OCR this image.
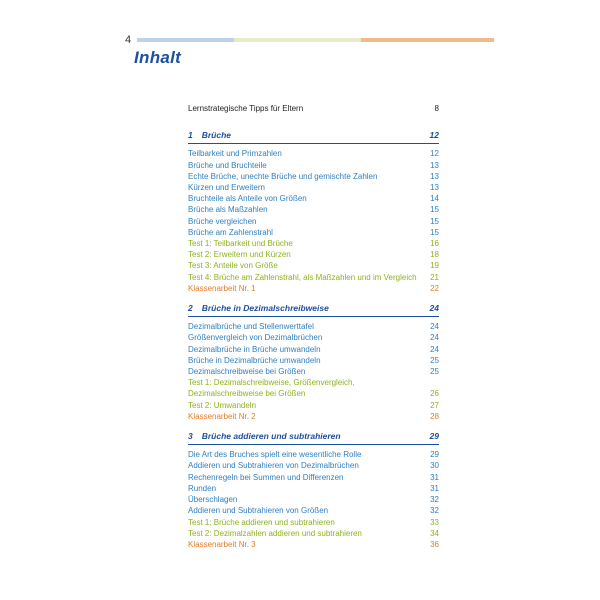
4
Inhalt
Lernstrategische Tipps für Eltern	8
1 Brüche	12
Teilbarkeit und Primzahlen	12
Brüche und Bruchteile	13
Echte Brüche, unechte Brüche und gemischte Zahlen	13
Kürzen und Erweitern	13
Bruchteile als Anteile von Größen	14
Brüche als Maßzahlen	15
Brüche vergleichen	15
Brüche am Zahlenstrahl	15
Test 1: Teilbarkeit und Brüche	16
Test 2: Erweitern und Kürzen	18
Test 3: Anteile von Größe	19
Test 4: Brüche am Zahlenstrahl, als Maßzahlen und im Vergleich	21
Klassenarbeit Nr. 1	22
2 Brüche in Dezimalschreibweise	24
Dezimalbrüche und Stellenwerttafel	24
Größenvergleich von Dezimalbrüchen	24
Dezimalbrüche in Brüche umwandeln	24
Brüche in Dezimalbrüche umwandeln	25
Dezimalschreibweise bei Größen	25
Test 1: Dezimalschreibweise, Größenvergleich,
Dezimalschreibweise bei Größen	26
Test 2: Umwandeln	27
Klassenarbeit Nr. 2	28
3 Brüche addieren und subtrahieren	29
Die Art des Bruches spielt eine wesentliche Rolle	29
Addieren und Subtrahieren von Dezimalbrüchen	30
Rechenregeln bei Summen und Differenzen	31
Runden	31
Überschlagen	32
Addieren und Subtrahieren von Größen	32
Test 1: Brüche addieren und subtrahieren	33
Test 2: Dezimalzahlen addieren und subtrahieren	34
Klassenarbeit Nr. 3	36
